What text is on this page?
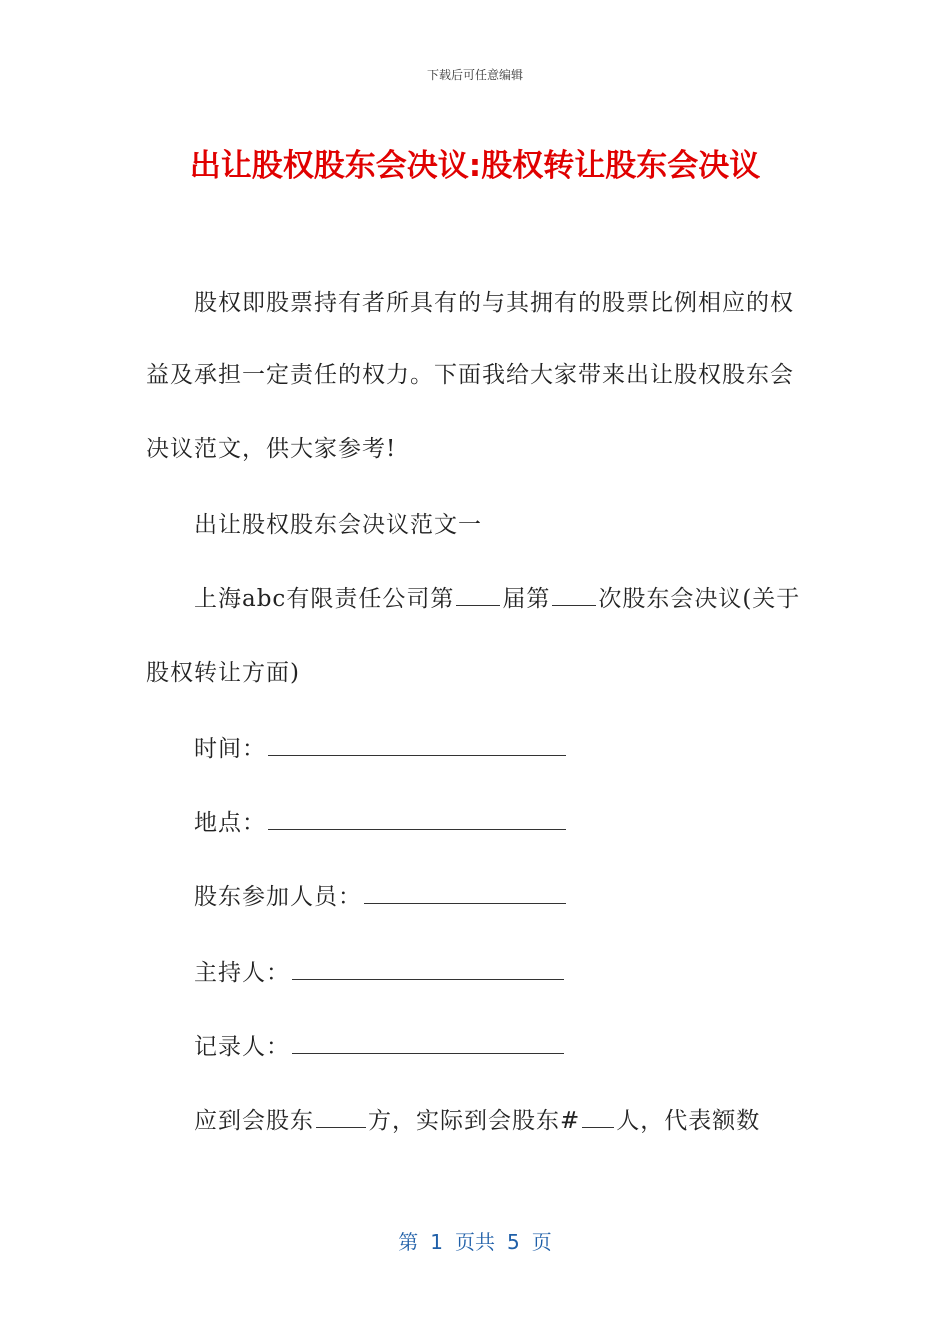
下载后可任意编辑
出让股权股东会决议:股权转让股东会决议
股权即股票持有者所具有的与其拥有的股票比例相应的权
益及承担一定责任的权力。下面我给大家带来出让股权股东会
决议范文，供大家参考!
出让股权股东会决议范文一
上海abc有限责任公司第 届第 次股东会决议(关于
股权转让方面)
时间：
地点：
股东参加人员：
主持人：
记录人：
应到会股东 方，实际到会股东# 人，代表额数
第 1 页共 5 页
